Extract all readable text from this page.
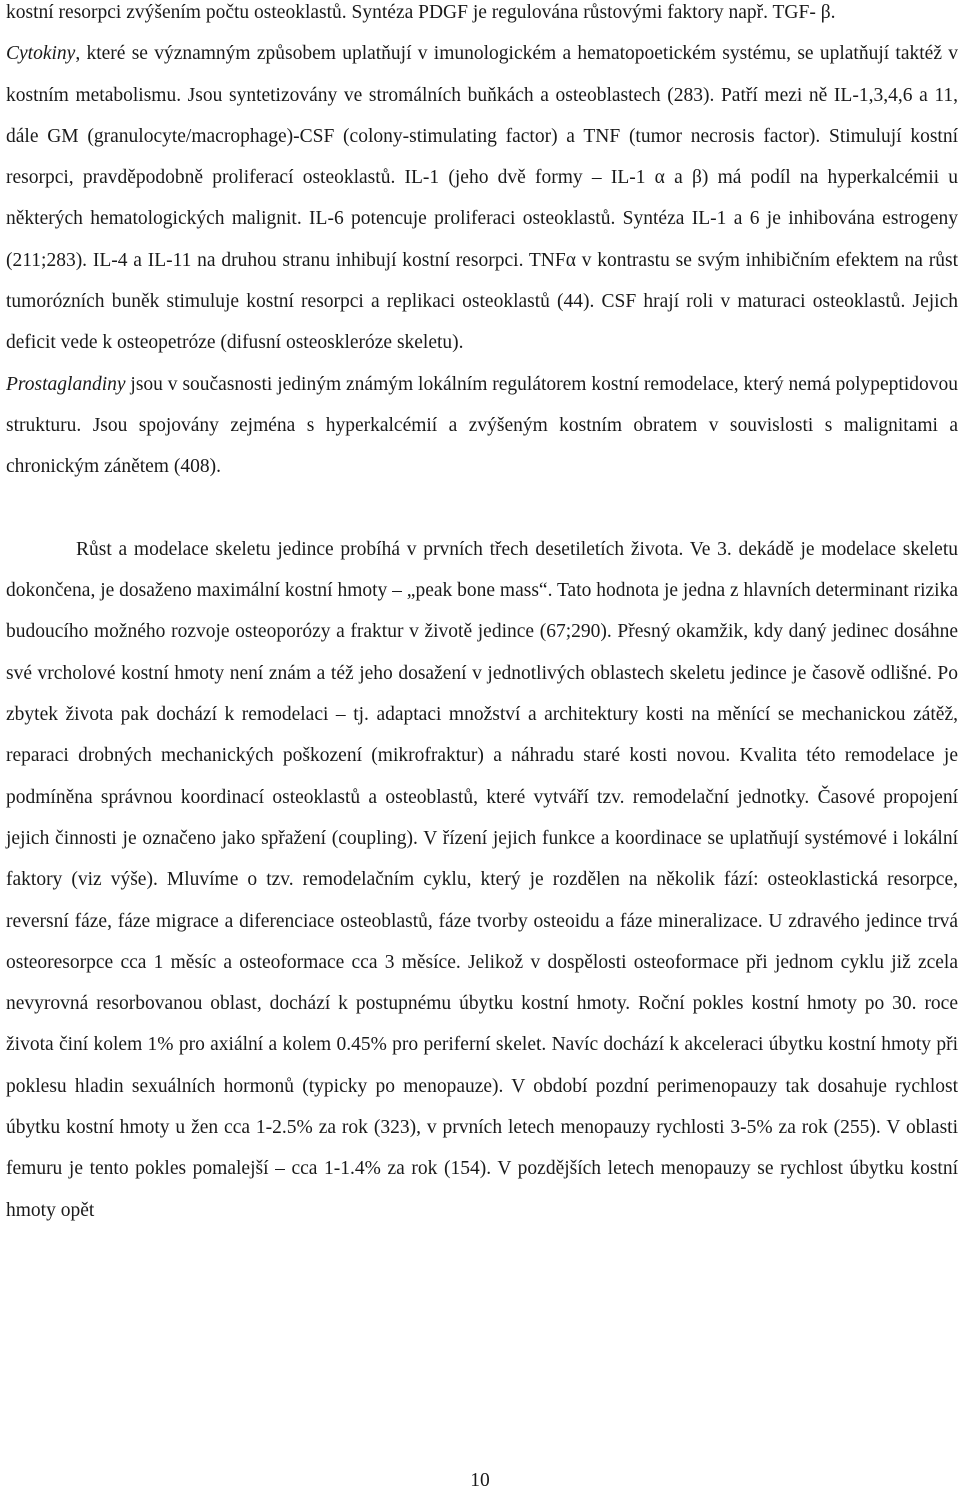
kostní resorpci zvýšením počtu osteoklastů. Syntéza PDGF je regulována růstovými faktory např. TGF- β.

Cytokiny, které se významným způsobem uplatňují v imunologickém a hematopoetickém systému, se uplatňují taktéž v kostním metabolismu. Jsou syntetizovány ve stromálních buňkách a osteoblastech (283). Patří mezi ně IL-1,3,4,6 a 11, dále GM (granulocyte/macrophage)-CSF (colony-stimulating factor) a TNF (tumor necrosis factor). Stimulují kostní resorpci, pravděpodobně proliferací osteoklastů. IL-1 (jeho dvě formy – IL-1 α a β) má podíl na hyperkalcémii u některých hematologických malignit. IL-6 potencuje proliferaci osteoklastů. Syntéza IL-1 a 6 je inhibována estrogeny (211;283). IL-4 a IL-11 na druhou stranu inhibují kostní resorpci. TNFα v kontrastu se svým inhibičním efektem na růst tumorózních buněk stimuluje kostní resorpci a replikaci osteoklastů (44). CSF hrají roli v maturaci osteoklastů. Jejich deficit vede k osteopetróze (difusní osteoskleróze skeletu).

Prostaglandiny jsou v současnosti jediným známým lokálním regulátorem kostní remodelace, který nemá polypeptidovou strukturu. Jsou spojovány zejména s hyperkalcémií a zvýšeným kostním obratem v souvislosti s malignitami a chronickým zánětem (408).

Růst a modelace skeletu jedince probíhá v prvních třech desetiletích života. Ve 3. dekádě je modelace skeletu dokončena, je dosaženo maximální kostní hmoty – „peak bone mass“. Tato hodnota je jedna z hlavních determinant rizika budoucího možného rozvoje osteoporózy a fraktur v životě jedince (67;290). Přesný okamžik, kdy daný jedinec dosáhne své vrcholové kostní hmoty není znám a též jeho dosažení v jednotlivých oblastech skeletu jedince je časově odlišné. Po zbytek života pak dochází k remodelaci – tj. adaptaci množství a architektury kosti na měnící se mechanickou zátěž, reparaci drobných mechanických poškození (mikrofraktur) a náhradu staré kosti novou. Kvalita této remodelace je podmíněna správnou koordinací osteoklastů a osteoblastů, které vytváří tzv. remodelační jednotky. Časové propojení jejich činnosti je označeno jako spřažení (coupling). V řízení jejich funkce a koordinace se uplatňují systémové i lokální faktory (viz výše). Mluvíme o tzv. remodelačním cyklu, který je rozdělen na několik fází: osteoklastická resorpce, reversní fáze, fáze migrace a diferenciace osteoblastů, fáze tvorby osteoidu a fáze mineralizace. U zdravého jedince trvá osteoresorpce cca 1 měsíc a osteoformace cca 3 měsíce. Jelikož v dospělosti osteoformace při jednom cyklu již zcela nevyrovná resorbovanou oblast, dochází k postupnému úbytku kostní hmoty. Roční pokles kostní hmoty po 30. roce života činí kolem 1% pro axiální a kolem 0.45% pro periferní skelet. Navíc dochází k akceleraci úbytku kostní hmoty při poklesu hladin sexuálních hormonů (typicky po menopauze). V období pozdní perimenopauzy tak dosahuje rychlost úbytku kostní hmoty u žen cca 1-2.5% za rok (323), v prvních letech menopauzy rychlosti 3-5% za rok (255). V oblasti femuru je tento pokles pomalejší – cca 1-1.4% za rok (154). V pozdějších letech menopauzy se rychlost úbytku kostní hmoty opět

10
